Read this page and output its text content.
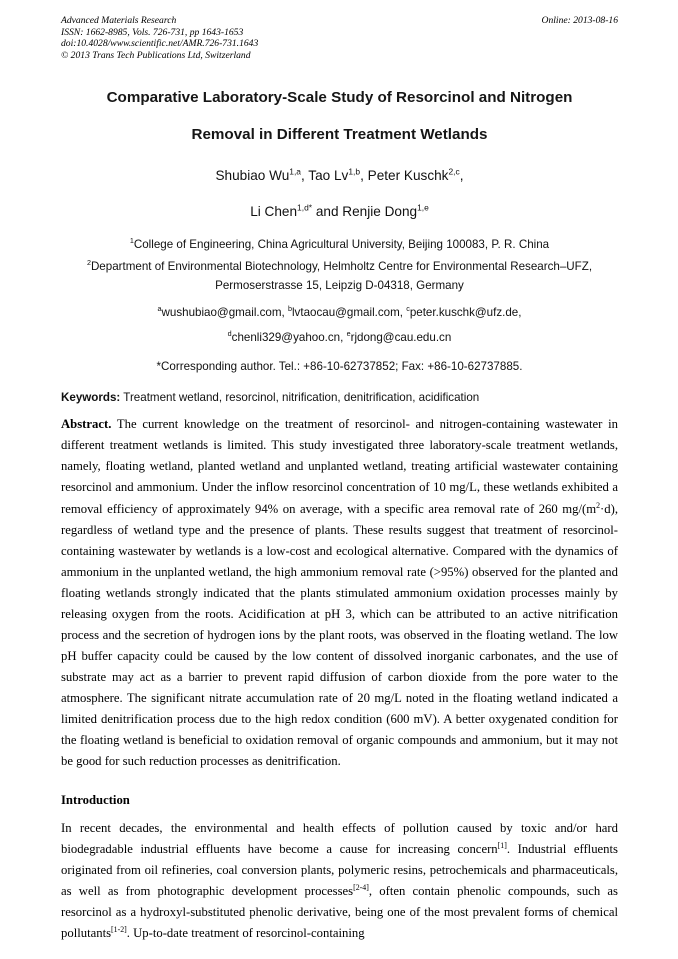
Advanced Materials Research
ISSN: 1662-8985, Vols. 726-731, pp 1643-1653
doi:10.4028/www.scientific.net/AMR.726-731.1643
© 2013 Trans Tech Publications Ltd, Switzerland
Online: 2013-08-16
Comparative Laboratory-Scale Study of Resorcinol and Nitrogen
Removal in Different Treatment Wetlands
Shubiao Wu$^{1,a}$, Tao Lv$^{1,b}$, Peter Kuschk$^{2,c}$,
Li Chen$^{1,d*}$ and Renjie Dong$^{1,e}$
$^1$College of Engineering, China Agricultural University, Beijing 100083, P. R. China
$^2$Department of Environmental Biotechnology, Helmholtz Centre for Environmental Research–UFZ, Permoserstrasse 15, Leipzig D-04318, Germany
$^a$wushubiao@gmail.com, $^b$lvtaocau@gmail.com, $^c$peter.kuschk@ufz.de,
$^d$chenli329@yahoo.cn, $^e$rjdong@cau.edu.cn
*Corresponding author. Tel.: +86-10-62737852; Fax: +86-10-62737885.
Keywords: Treatment wetland, resorcinol, nitrification, denitrification, acidification

Abstract. The current knowledge on the treatment of resorcinol- and nitrogen-containing wastewater in different treatment wetlands is limited. This study investigated three laboratory-scale treatment wetlands, namely, floating wetland, planted wetland and unplanted wetland, treating artificial wastewater containing resorcinol and ammonium. Under the inflow resorcinol concentration of 10 mg/L, these wetlands exhibited a removal efficiency of approximately 94% on average, with a specific area removal rate of 260 $mg/(m^2\cdot d)$, regardless of wetland type and the presence of plants. These results suggest that treatment of resorcinol-containing wastewater by wetlands is a low-cost and ecological alternative. Compared with the dynamics of ammonium in the unplanted wetland, the high ammonium removal rate (>95%) observed for the planted and floating wetlands strongly indicated that the plants stimulated ammonium oxidation processes mainly by releasing oxygen from the roots. Acidification at pH 3, which can be attributed to an active nitrification process and the secretion of hydrogen ions by the plant roots, was observed in the floating wetland. The low pH buffer capacity could be caused by the low content of dissolved inorganic carbonates, and the use of substrate may act as a barrier to prevent rapid diffusion of carbon dioxide from the pore water to the atmosphere. The significant nitrate accumulation rate of 20 mg/L noted in the floating wetland indicated a limited denitrification process due to the high redox condition (600 mV). A better oxygenated condition for the floating wetland is beneficial to oxidation removal of organic compounds and ammonium, but it may not be good for such reduction processes as denitrification.

Introduction

In recent decades, the environmental and health effects of pollution caused by toxic and/or hard biodegradable industrial effluents have become a cause for increasing concern[1]. Industrial effluents originated from oil refineries, coal conversion plants, polymeric resins, petrochemicals and pharmaceuticals, as well as from photographic development processes[2-4], often contain phenolic compounds, such as resorcinol as a hydroxyl-substituted phenolic derivative, being one of the most prevalent forms of chemical pollutants[1-2]. Up-to-date treatment of resorcinol-containing
